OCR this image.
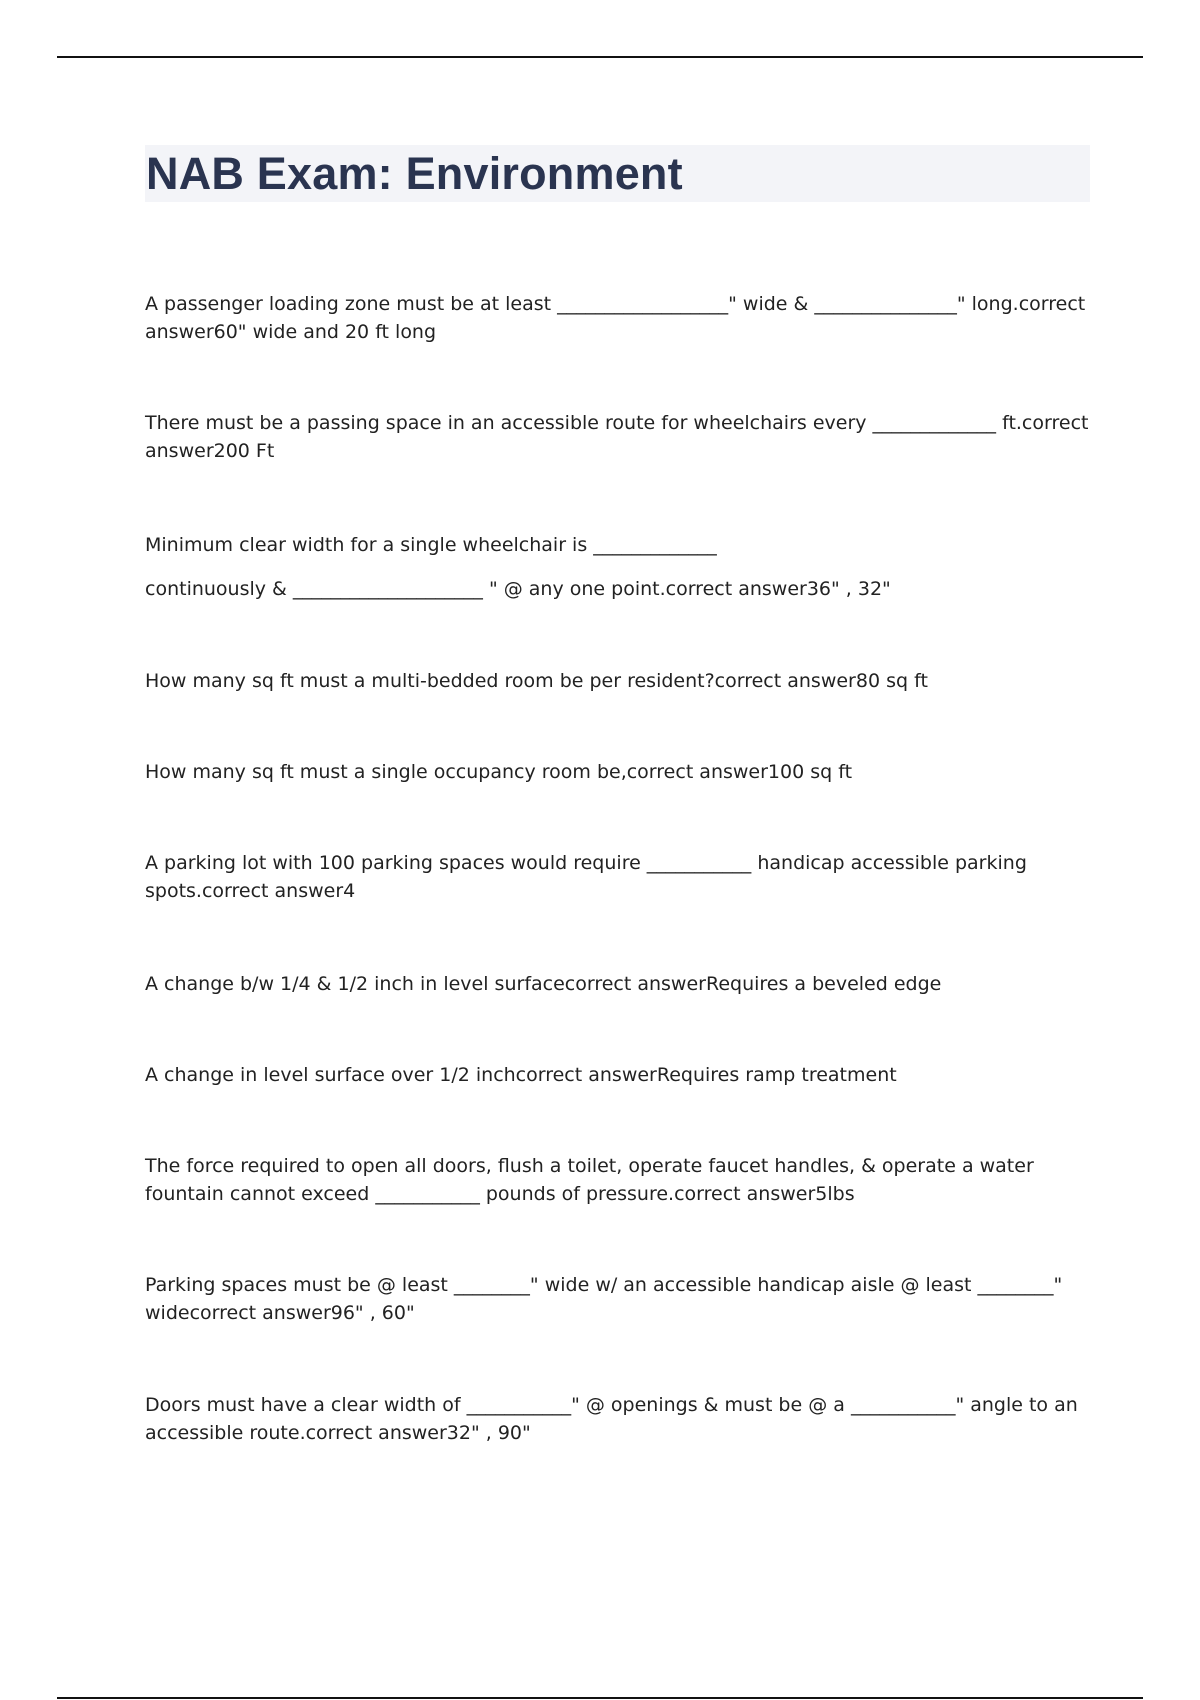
NAB Exam: Environment

A passenger loading zone must be at least __________________" wide & _______________" long.correct answer60" wide and 20 ft long

There must be a passing space in an accessible route for wheelchairs every _____________ ft.correct answer200 Ft

Minimum clear width for a single wheelchair is _____________

continuously & ____________________ " @ any one point.correct answer36" , 32"

How many sq ft must a multi-bedded room be per resident?correct answer80 sq ft

How many sq ft must a single occupancy room be,correct answer100 sq ft

A parking lot with 100 parking spaces would require ___________ handicap accessible parking spots.correct answer4

A change b/w 1/4 & 1/2 inch in level surfacecorrect answerRequires a beveled edge

A change in level surface over 1/2 inchcorrect answerRequires ramp treatment

The force required to open all doors, flush a toilet, operate faucet handles, & operate a water fountain cannot exceed ___________ pounds of pressure.correct answer5lbs

Parking spaces must be @ least ________" wide w/ an accessible handicap aisle @ least ________" widecorrect answer96" , 60"

Doors must have a clear width of ___________" @ openings & must be @ a ___________" angle to an accessible route.correct answer32" , 90"
